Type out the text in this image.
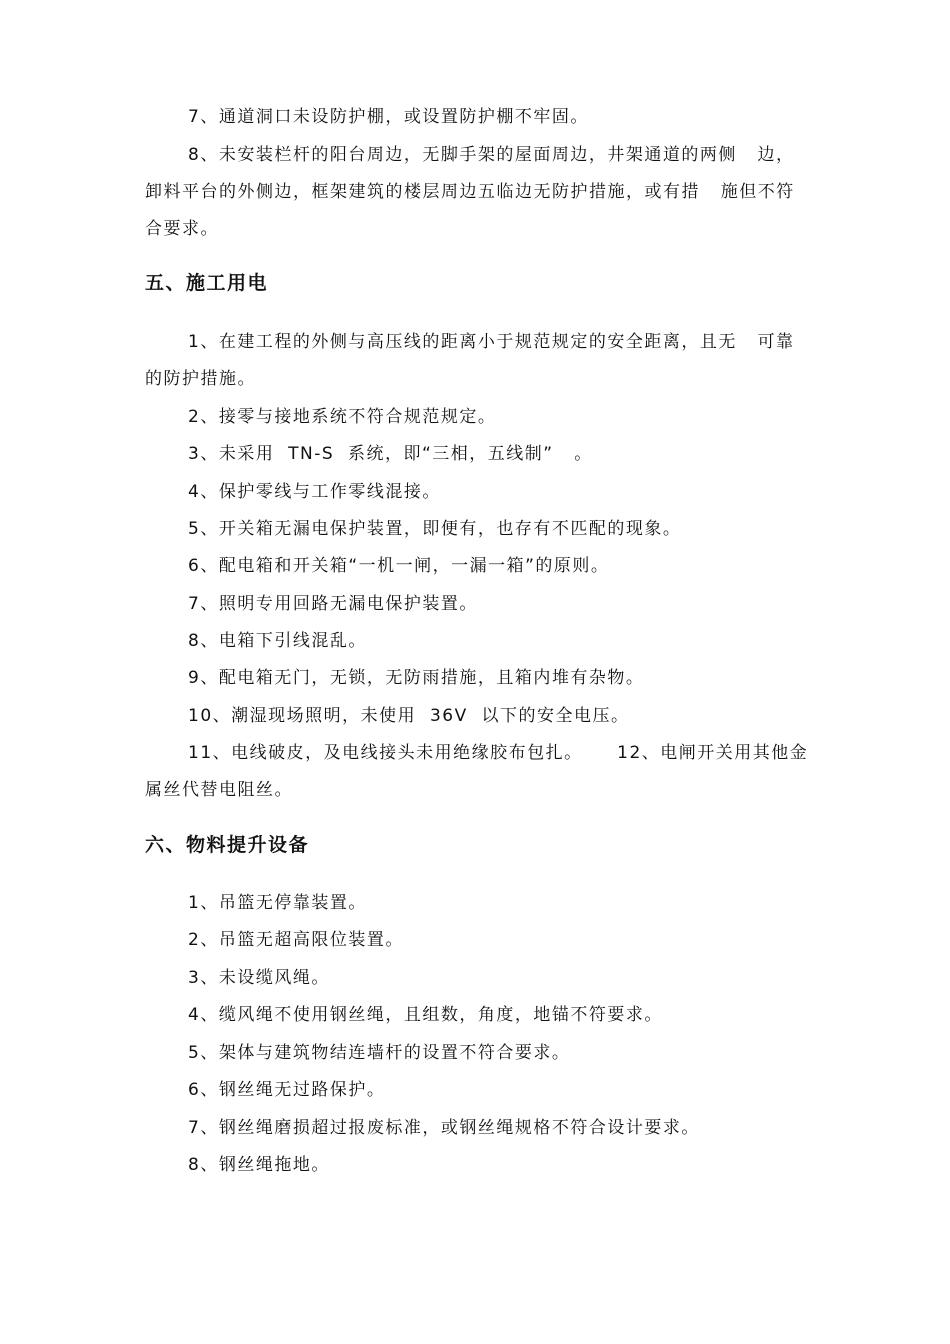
7、通道洞口未设防护棚，或设置防护棚不牢固。
8、未安装栏杆的阳台周边，无脚手架的屋面周边，井架通道的两侧   边，卸料平台的外侧边，框架建筑的楼层周边五临边无防护措施，或有措   施但不符合要求。
五、施工用电
1、在建工程的外侧与高压线的距离小于规范规定的安全距离，且无   可靠的防护措施。
2、接零与接地系统不符合规范规定。
3、未采用  TN-S  系统，即“三相，五线制”   。
4、保护零线与工作零线混接。
5、开关箱无漏电保护装置，即便有，也存有不匹配的现象。
6、配电箱和开关箱“一机一闸，一漏一箱”的原则。
7、照明专用回路无漏电保护装置。
8、电箱下引线混乱。
9、配电箱无门，无锁，无防雨措施，且箱内堆有杂物。
10、潮湿现场照明，未使用  36V  以下的安全电压。
11、电线破皮，及电线接头未用绝缘胶布包扎。     12、电闸开关用其他金属丝代替电阻丝。
六、物料提升设备
1、吊篮无停靠装置。
2、吊篮无超高限位装置。
3、未设缆风绳。
4、缆风绳不使用钢丝绳，且组数，角度，地锚不符要求。
5、架体与建筑物结连墙杆的设置不符合要求。
6、钢丝绳无过路保护。
7、钢丝绳磨损超过报废标准，或钢丝绳规格不符合设计要求。
8、钢丝绳拖地。
